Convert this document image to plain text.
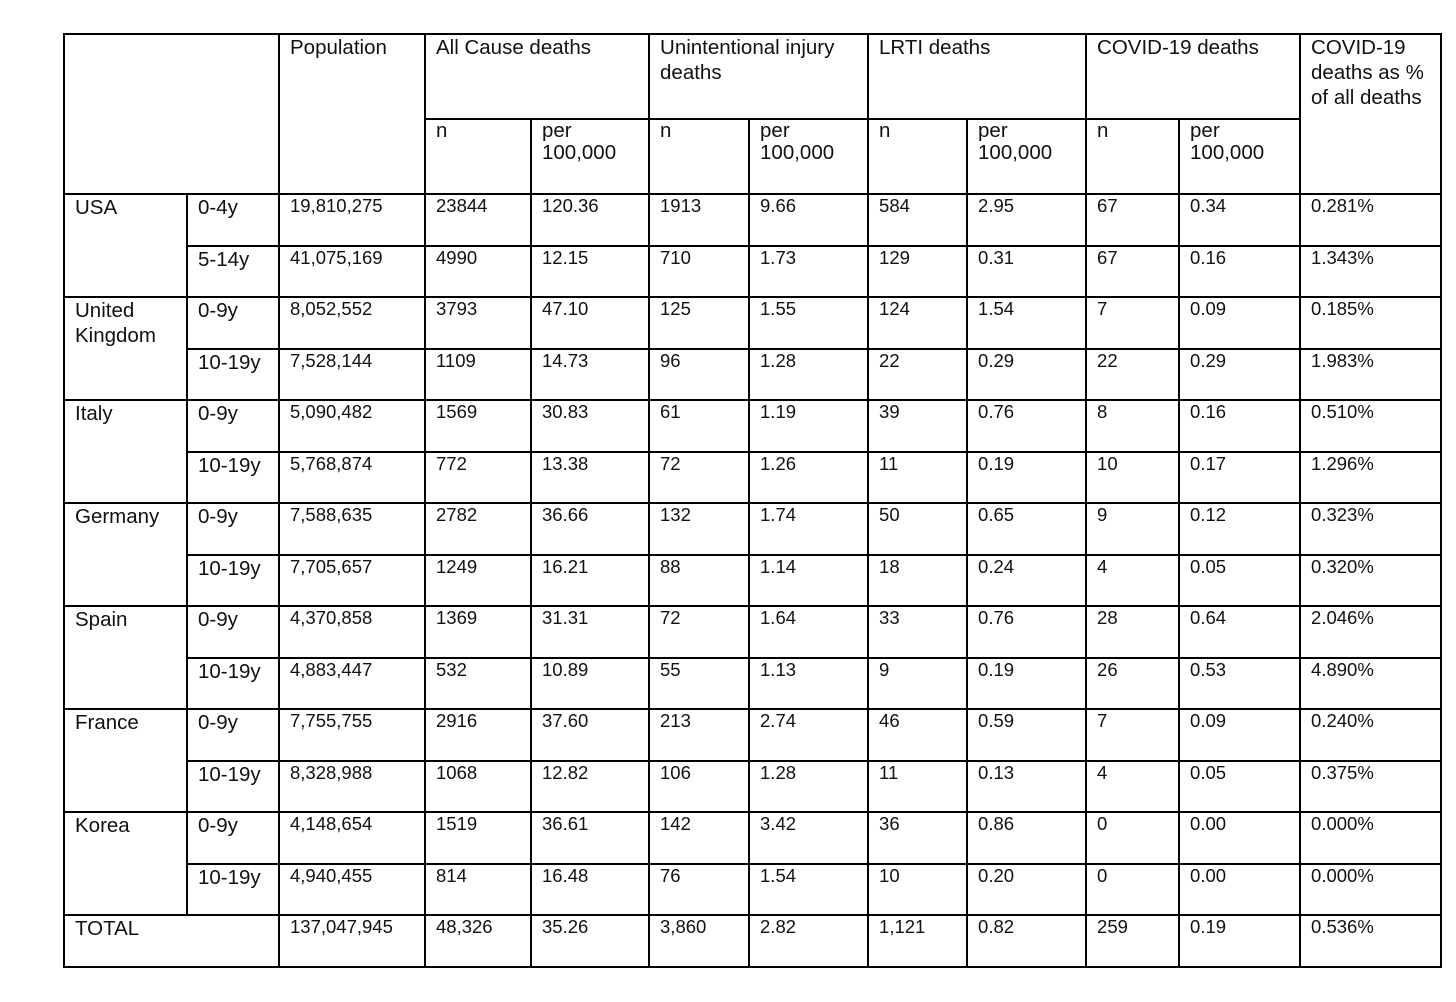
		Population	All Cause deaths		Unintentional injury deaths		LRTI deaths		COVID-19 deaths		COVID-19 deaths as % of all deaths
			n	per 100,000	n	per 100,000	n	per 100,000	n	per 100,000	
USA	0-4y	19,810,275	23844	120.36	1913	9.66	584	2.95	67	0.34	0.281%
	5-14y	41,075,169	4990	12.15	710	1.73	129	0.31	67	0.16	1.343%
United Kingdom	0-9y	8,052,552	3793	47.10	125	1.55	124	1.54	7	0.09	0.185%
	10-19y	7,528,144	1109	14.73	96	1.28	22	0.29	22	0.29	1.983%
Italy	0-9y	5,090,482	1569	30.83	61	1.19	39	0.76	8	0.16	0.510%
	10-19y	5,768,874	772	13.38	72	1.26	11	0.19	10	0.17	1.296%
Germany	0-9y	7,588,635	2782	36.66	132	1.74	50	0.65	9	0.12	0.323%
	10-19y	7,705,657	1249	16.21	88	1.14	18	0.24	4	0.05	0.320%
Spain	0-9y	4,370,858	1369	31.31	72	1.64	33	0.76	28	0.64	2.046%
	10-19y	4,883,447	532	10.89	55	1.13	9	0.19	26	0.53	4.890%
France	0-9y	7,755,755	2916	37.60	213	2.74	46	0.59	7	0.09	0.240%
	10-19y	8,328,988	1068	12.82	106	1.28	11	0.13	4	0.05	0.375%
Korea	0-9y	4,148,654	1519	36.61	142	3.42	36	0.86	0	0.00	0.000%
	10-19y	4,940,455	814	16.48	76	1.54	10	0.20	0	0.00	0.000%
TOTAL		137,047,945	48,326	35.26	3,860	2.82	1,121	0.82	259	0.19	0.536%
